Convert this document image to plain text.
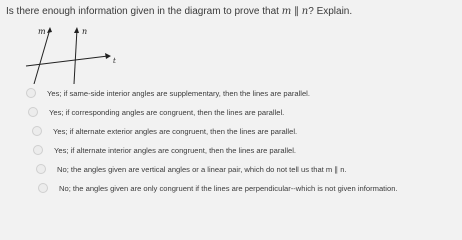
Is there enough information given in the diagram to prove that m ∥ n? Explain.
m	n
t
Yes; if same-side interior angles are supplementary, then the lines are parallel.
Yes; if corresponding angles are congruent, then the lines are parallel.
Yes; if alternate exterior angles are congruent, then the lines are parallel.
Yes; if alternate interior angles are congruent, then the lines are parallel.
No; the angles given are vertical angles or a linear pair, which do not tell us that m ∥ n.
No; the angles given are only congruent if the lines are perpendicular--which is not given information.
